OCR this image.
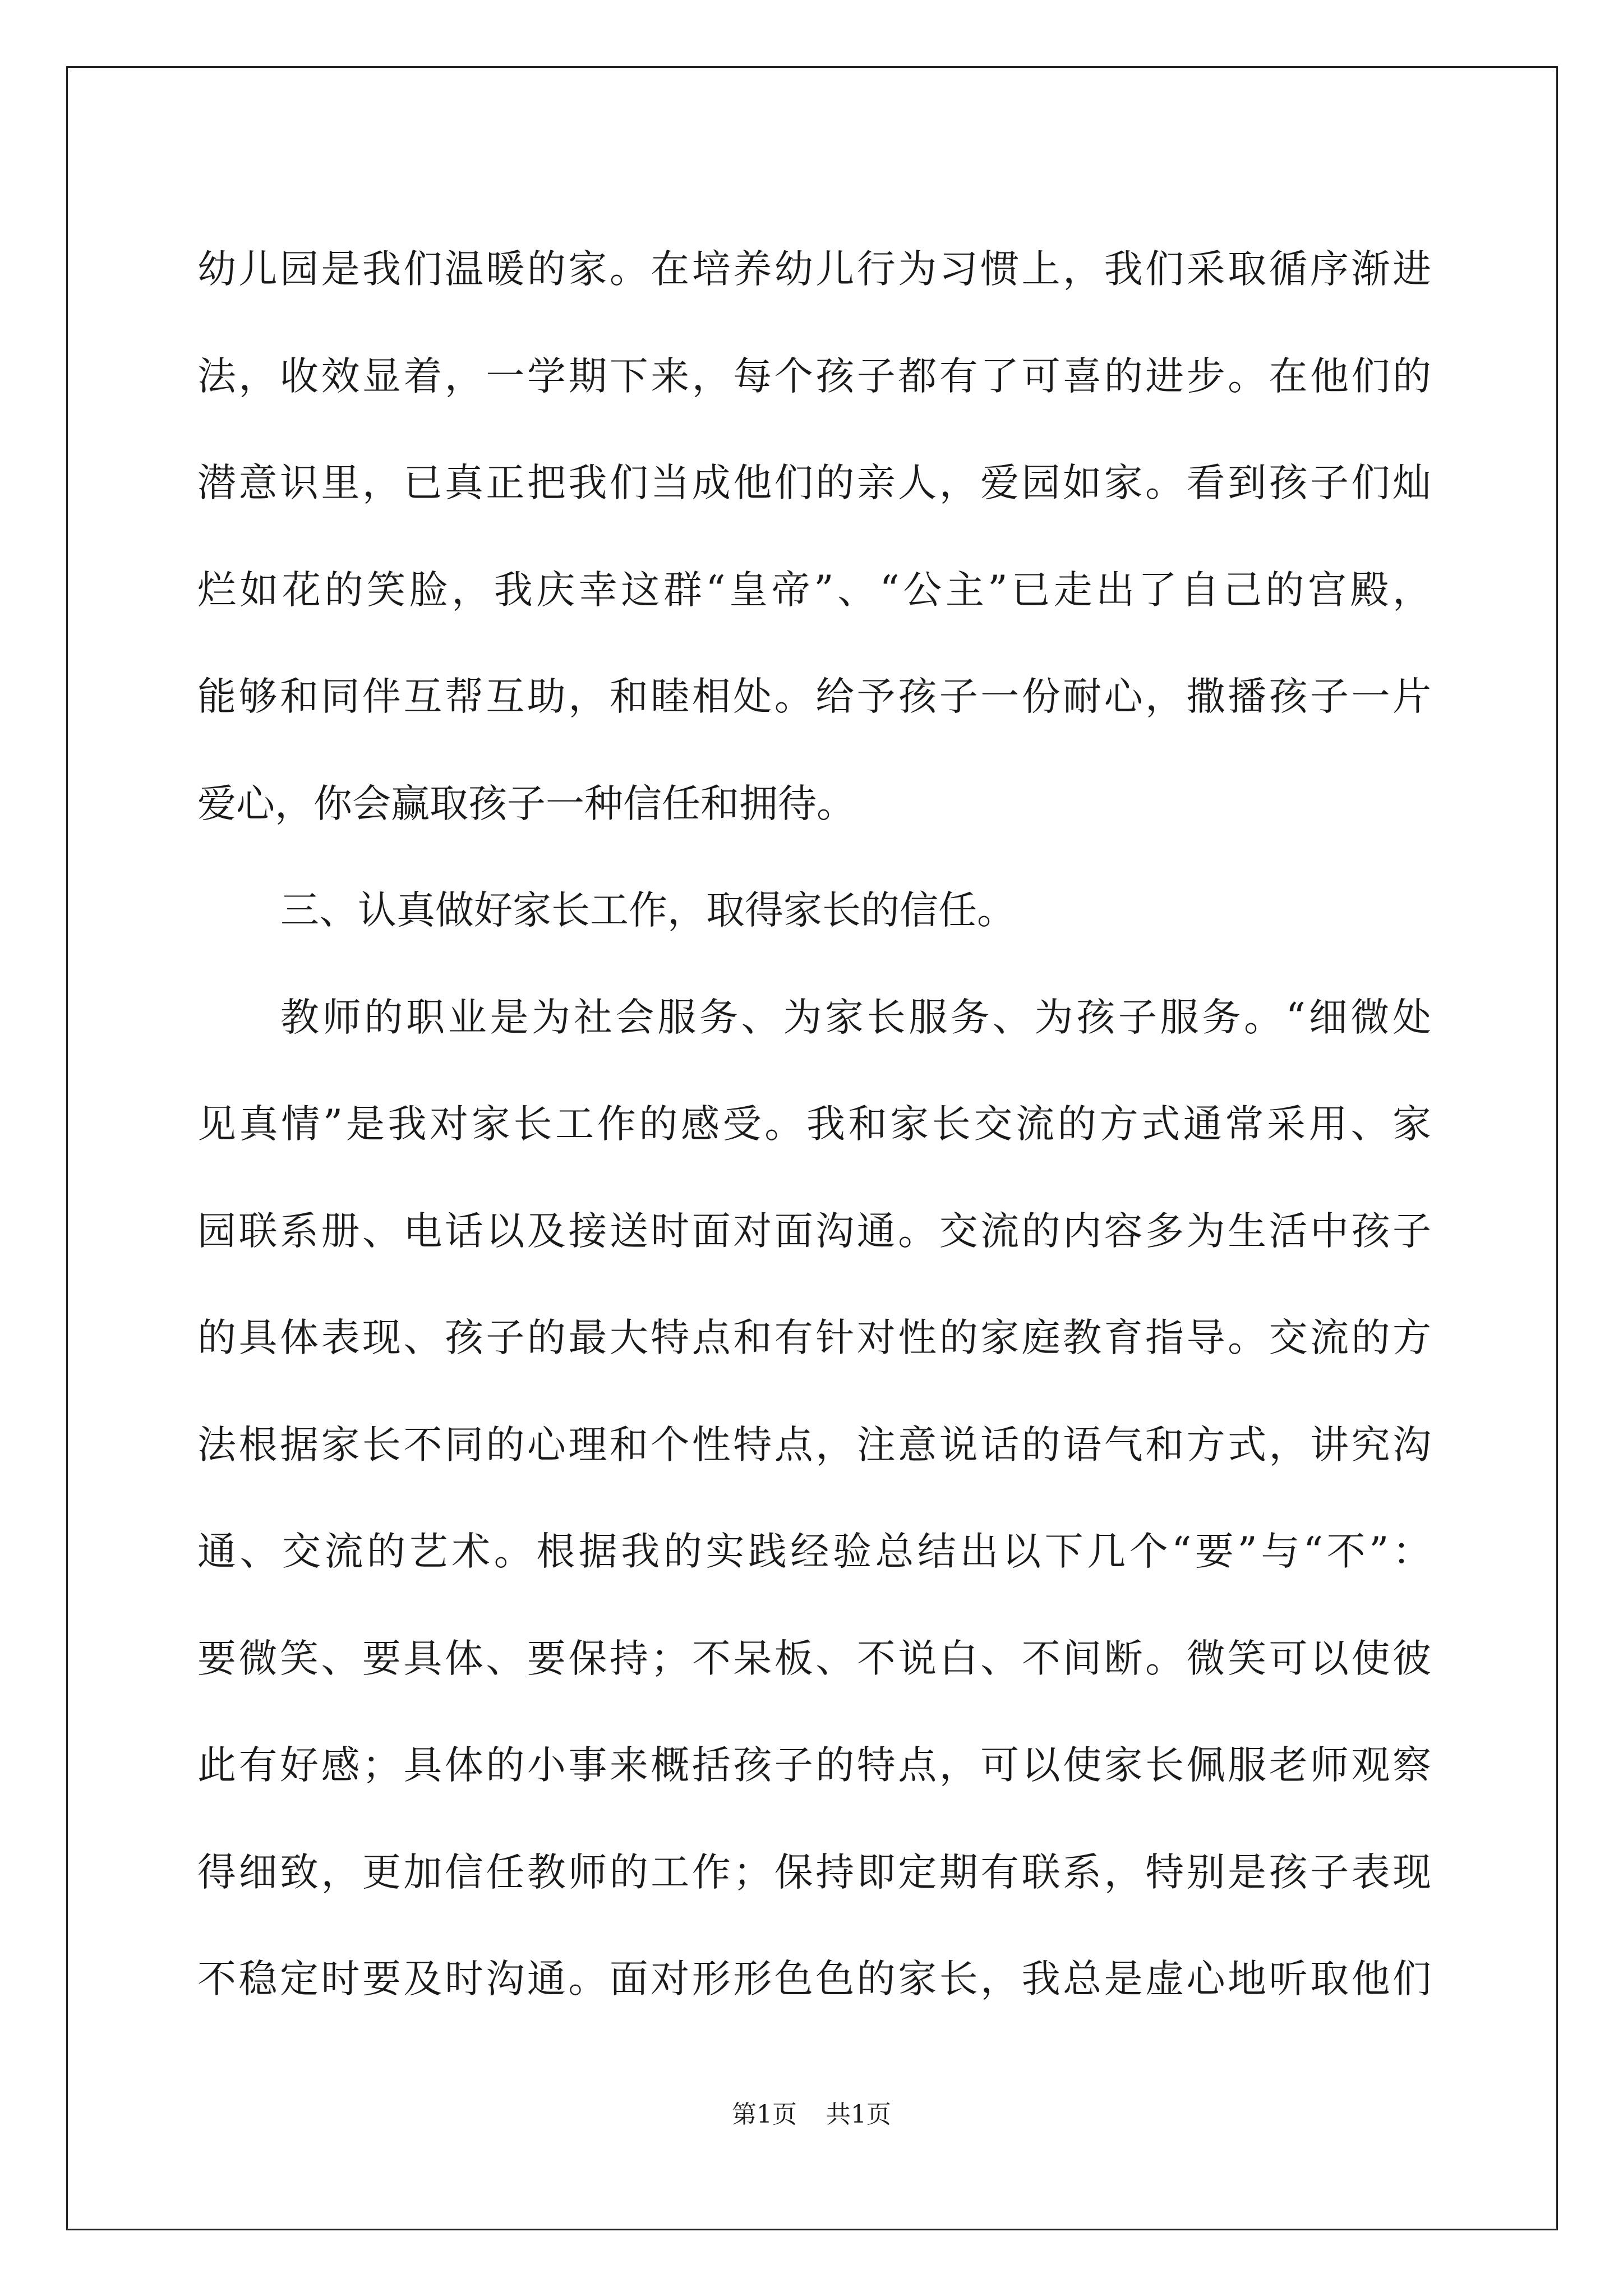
幼儿园是我们温暖的家。在培养幼儿行为习惯上，我们采取循序渐进
法，收效显着，一学期下来，每个孩子都有了可喜的进步。在他们的
潜意识里，已真正把我们当成他们的亲人，爱园如家。看到孩子们灿
烂如花的笑脸，我庆幸这群“皇帝”、“公主”已走出了自己的宫殿，
能够和同伴互帮互助，和睦相处。给予孩子一份耐心，撒播孩子一片
爱心，你会赢取孩子一种信任和拥待。
三、认真做好家长工作，取得家长的信任。
教师的职业是为社会服务、为家长服务、为孩子服务。“细微处
见真情”是我对家长工作的感受。我和家长交流的方式通常采用、家
园联系册、电话以及接送时面对面沟通。交流的内容多为生活中孩子
的具体表现、孩子的最大特点和有针对性的家庭教育指导。交流的方
法根据家长不同的心理和个性特点，注意说话的语气和方式，讲究沟
通、交流的艺术。根据我的实践经验总结出以下几个“要”与“不”：
要微笑、要具体、要保持；不呆板、不说白、不间断。微笑可以使彼
此有好感；具体的小事来概括孩子的特点，可以使家长佩服老师观察
得细致，更加信任教师的工作；保持即定期有联系，特别是孩子表现
不稳定时要及时沟通。面对形形色色的家长，我总是虚心地听取他们
第1页 共1页
